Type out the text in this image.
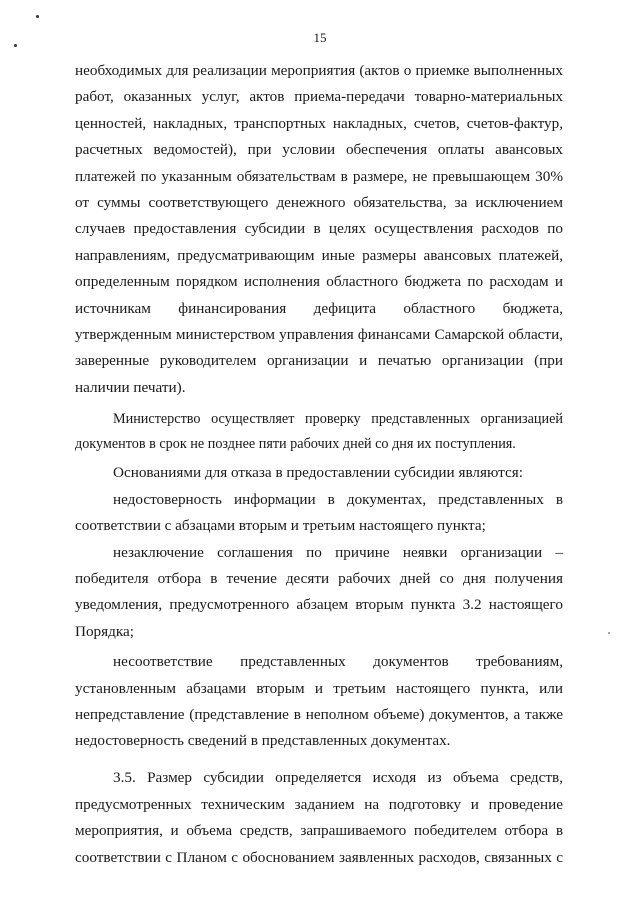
15

необходимых для реализации мероприятия (актов о приемке выполненных
работ, оказанных услуг, актов приема-передачи товарно-материальных
ценностей, накладных, транспортных накладных, счетов, счетов-фактур,
расчетных ведомостей), при условии обеспечения оплаты авансовых
платежей по указанным обязательствам в размере, не превышающем 30%
от суммы соответствующего денежного обязательства, за исключением
случаев предоставления субсидии в целях осуществления расходов по
направлениям, предусматривающим иные размеры авансовых платежей,
определенным порядком исполнения областного бюджета по расходам и
источникам финансирования дефицита областного бюджета,
утвержденным министерством управления финансами Самарской области,
заверенные руководителем организации и печатью организации (при
наличии печати).

Министерство осуществляет проверку представленных организацией
документов в срок не позднее пяти рабочих дней со дня их поступления.

Основаниями для отказа в предоставлении субсидии являются:

недостоверность информации в документах, представленных в
соответствии с абзацами вторым и третьим настоящего пункта;

незаключение соглашения по причине неявки организации –
победителя отбора в течение десяти рабочих дней со дня получения
уведомления, предусмотренного абзацем вторым пункта 3.2 настоящего
Порядка;

несоответствие представленных документов требованиям,
установленным абзацами вторым и третьим настоящего пункта, или
непредставление (представление в неполном объеме) документов, а также
недостоверность сведений в представленных документах.

3.5. Размер субсидии определяется исходя из объема средств,
предусмотренных техническим заданием на подготовку и проведение
мероприятия, и объема средств, запрашиваемого победителем отбора в
соответствии с Планом с обоснованием заявленных расходов, связанных с
